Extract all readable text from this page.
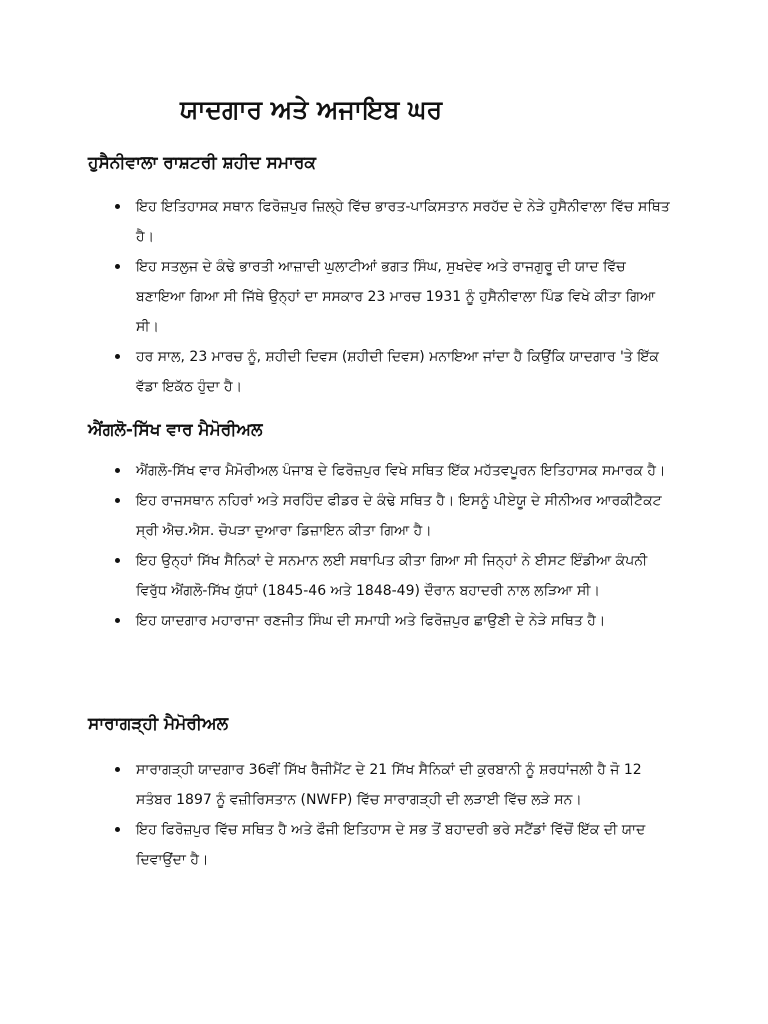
ਯਾਦਗਾਰ ਅਤੇ ਅਜਾਇਬ ਘਰ
ਹੁਸੈਨੀਵਾਲਾ ਰਾਸ਼ਟਰੀ ਸ਼ਹੀਦ ਸਮਾਰਕ
ਇਹ ਇਤਿਹਾਸਕ ਸਥਾਨ ਫਿਰੋਜ਼ਪੁਰ ਜ਼ਿਲ੍ਹੇ ਵਿੱਚ ਭਾਰਤ-ਪਾਕਿਸਤਾਨ ਸਰਹੱਦ ਦੇ ਨੇੜੇ ਹੁਸੈਨੀਵਾਲਾ ਵਿੱਚ ਸਥਿਤ ਹੈ।
ਇਹ ਸਤਲੁਜ ਦੇ ਕੰਢੇ ਭਾਰਤੀ ਆਜ਼ਾਦੀ ਘੁਲਾਟੀਆਂ ਭਗਤ ਸਿੰਘ, ਸੁਖਦੇਵ ਅਤੇ ਰਾਜਗੁਰੂ ਦੀ ਯਾਦ ਵਿੱਚ ਬਣਾਇਆ ਗਿਆ ਸੀ ਜਿੱਥੇ ਉਨ੍ਹਾਂ ਦਾ ਸਸਕਾਰ 23 ਮਾਰਚ 1931 ਨੂੰ ਹੁਸੈਨੀਵਾਲਾ ਪਿੰਡ ਵਿਖੇ ਕੀਤਾ ਗਿਆ ਸੀ।
ਹਰ ਸਾਲ, 23 ਮਾਰਚ ਨੂੰ, ਸ਼ਹੀਦੀ ਦਿਵਸ (ਸ਼ਹੀਦੀ ਦਿਵਸ) ਮਨਾਇਆ ਜਾਂਦਾ ਹੈ ਕਿਉਂਕਿ ਯਾਦਗਾਰ 'ਤੇ ਇੱਕ ਵੱਡਾ ਇਕੱਠ ਹੁੰਦਾ ਹੈ।
ਐਂਗਲੋ-ਸਿੱਖ ਵਾਰ ਮੈਮੋਰੀਅਲ
ਐਂਗਲੋ-ਸਿੱਖ ਵਾਰ ਮੈਮੋਰੀਅਲ ਪੰਜਾਬ ਦੇ ਫਿਰੋਜ਼ਪੁਰ ਵਿਖੇ ਸਥਿਤ ਇੱਕ ਮਹੱਤਵਪੂਰਨ ਇਤਿਹਾਸਕ ਸਮਾਰਕ ਹੈ।
ਇਹ ਰਾਜਸਥਾਨ ਨਹਿਰਾਂ ਅਤੇ ਸਰਹਿੰਦ ਫੀਡਰ ਦੇ ਕੰਢੇ ਸਥਿਤ ਹੈ। ਇਸਨੂੰ ਪੀਏਯੂ ਦੇ ਸੀਨੀਅਰ ਆਰਕੀਟੈਕਟ ਸ੍ਰੀ ਐਚ.ਐਸ. ਚੋਪੜਾ ਦੁਆਰਾ ਡਿਜ਼ਾਇਨ ਕੀਤਾ ਗਿਆ ਹੈ।
ਇਹ ਉਨ੍ਹਾਂ ਸਿੱਖ ਸੈਨਿਕਾਂ ਦੇ ਸਨਮਾਨ ਲਈ ਸਥਾਪਿਤ ਕੀਤਾ ਗਿਆ ਸੀ ਜਿਨ੍ਹਾਂ ਨੇ ਈਸਟ ਇੰਡੀਆ ਕੰਪਨੀ ਵਿਰੁੱਧ ਐਂਗਲੋ-ਸਿੱਖ ਯੁੱਧਾਂ (1845-46 ਅਤੇ 1848-49) ਦੌਰਾਨ ਬਹਾਦਰੀ ਨਾਲ ਲੜਿਆ ਸੀ।
ਇਹ ਯਾਦਗਾਰ ਮਹਾਰਾਜਾ ਰਣਜੀਤ ਸਿੰਘ ਦੀ ਸਮਾਧੀ ਅਤੇ ਫਿਰੋਜ਼ਪੁਰ ਛਾਉਣੀ ਦੇ ਨੇੜੇ ਸਥਿਤ ਹੈ।
ਸਾਰਾਗੜ੍ਹੀ ਮੈਮੋਰੀਅਲ
ਸਾਰਾਗੜ੍ਹੀ ਯਾਦਗਾਰ 36ਵੀਂ ਸਿੱਖ ਰੈਜੀਮੈਂਟ ਦੇ 21 ਸਿੱਖ ਸੈਨਿਕਾਂ ਦੀ ਕੁਰਬਾਨੀ ਨੂੰ ਸ਼ਰਧਾਂਜਲੀ ਹੈ ਜੋ 12 ਸਤੰਬਰ 1897 ਨੂੰ ਵਜ਼ੀਰਿਸਤਾਨ (NWFP) ਵਿੱਚ ਸਾਰਾਗੜ੍ਹੀ ਦੀ ਲੜਾਈ ਵਿੱਚ ਲੜੇ ਸਨ।
ਇਹ ਫਿਰੋਜ਼ਪੁਰ ਵਿੱਚ ਸਥਿਤ ਹੈ ਅਤੇ ਫੌਜੀ ਇਤਿਹਾਸ ਦੇ ਸਭ ਤੋਂ ਬਹਾਦਰੀ ਭਰੇ ਸਟੈਂਡਾਂ ਵਿੱਚੋਂ ਇੱਕ ਦੀ ਯਾਦ ਦਿਵਾਉਂਦਾ ਹੈ।
